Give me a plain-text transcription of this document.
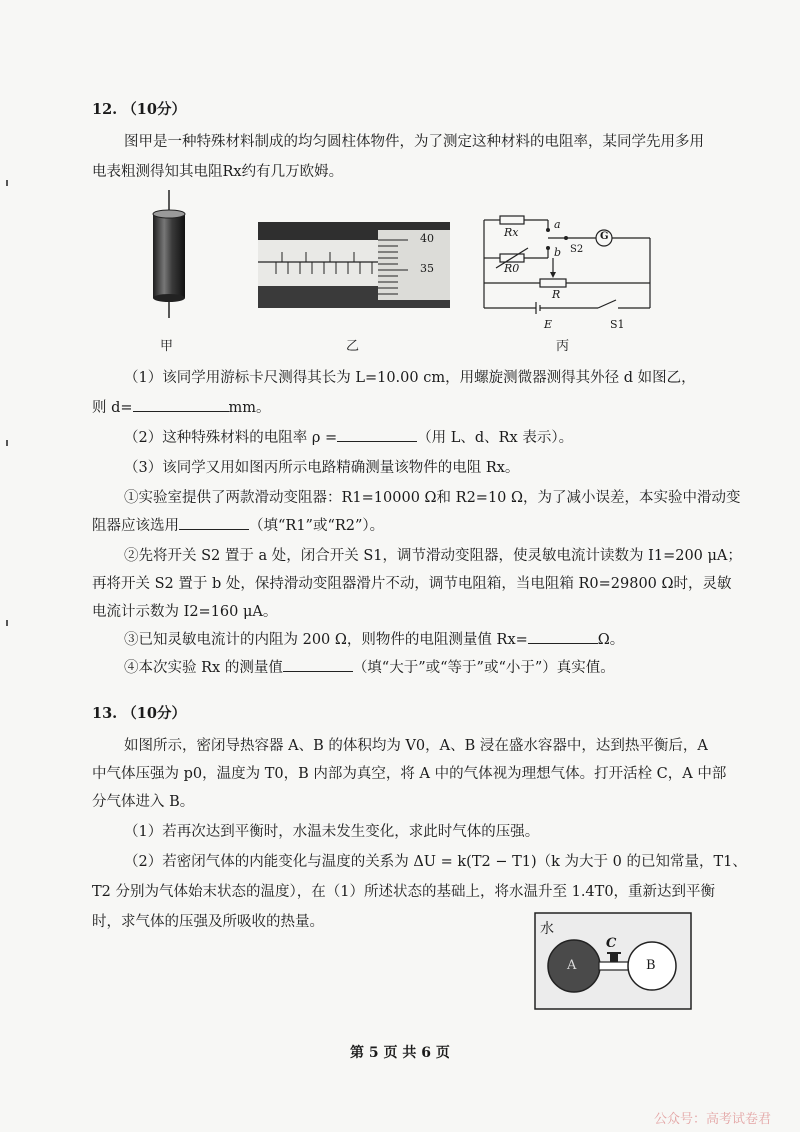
12. （10分）
图甲是一种特殊材料制成的均匀圆柱体物件，为了测定这种材料的电阻率，某同学先用多用
电表粗测得知其电阻Rx约有几万欧姆。
甲
40
35
乙
Rx
R0
a
b S2
G
R
E	S1
丙
（1）该同学用游标卡尺测得其长为 L=10.00 cm，用螺旋测微器测得其外径 d 如图乙，
则 d=	mm。
（2）这种特殊材料的电阻率 ρ =	（用 L、d、Rx 表示）。
（3）该同学又用如图丙所示电路精确测量该物件的电阻 Rx。
①实验室提供了两款滑动变阻器：R1=10000 Ω和 R2=10 Ω，为了减小误差，本实验中滑动变
阻器应该选用	（填“R1”或“R2”）。
②先将开关 S2 置于 a 处，闭合开关 S1，调节滑动变阻器，使灵敏电流计读数为 I1=200 μA；
再将开关 S2 置于 b 处，保持滑动变阻器滑片不动，调节电阻箱，当电阻箱 R0=29800 Ω时，灵敏
电流计示数为 I2=160 μA。
③已知灵敏电流计的内阻为 200 Ω，则物件的电阻测量值 Rx=	Ω。
④本次实验 Rx 的测量值	（填“大于”或“等于”或“小于”）真实值。
13. （10分）
如图所示，密闭导热容器 A、B 的体积均为 V0，A、B 浸在盛水容器中，达到热平衡后，A
中气体压强为 p0，温度为 T0，B 内部为真空，将 A 中的气体视为理想气体。打开活栓 C，A 中部
分气体进入 B。
（1）若再次达到平衡时，水温未发生变化，求此时气体的压强。
（2）若密闭气体的内能变化与温度的关系为 ΔU = k(T2 − T1)（k 为大于 0 的已知常量，T1、
T2 分别为气体始末状态的温度），在（1）所述状态的基础上，将水温升至 1.4T0，重新达到平衡
时，求气体的压强及所吸收的热量。	水
A
C
B
第 5 页 共 6 页
公众号：高考试卷君
